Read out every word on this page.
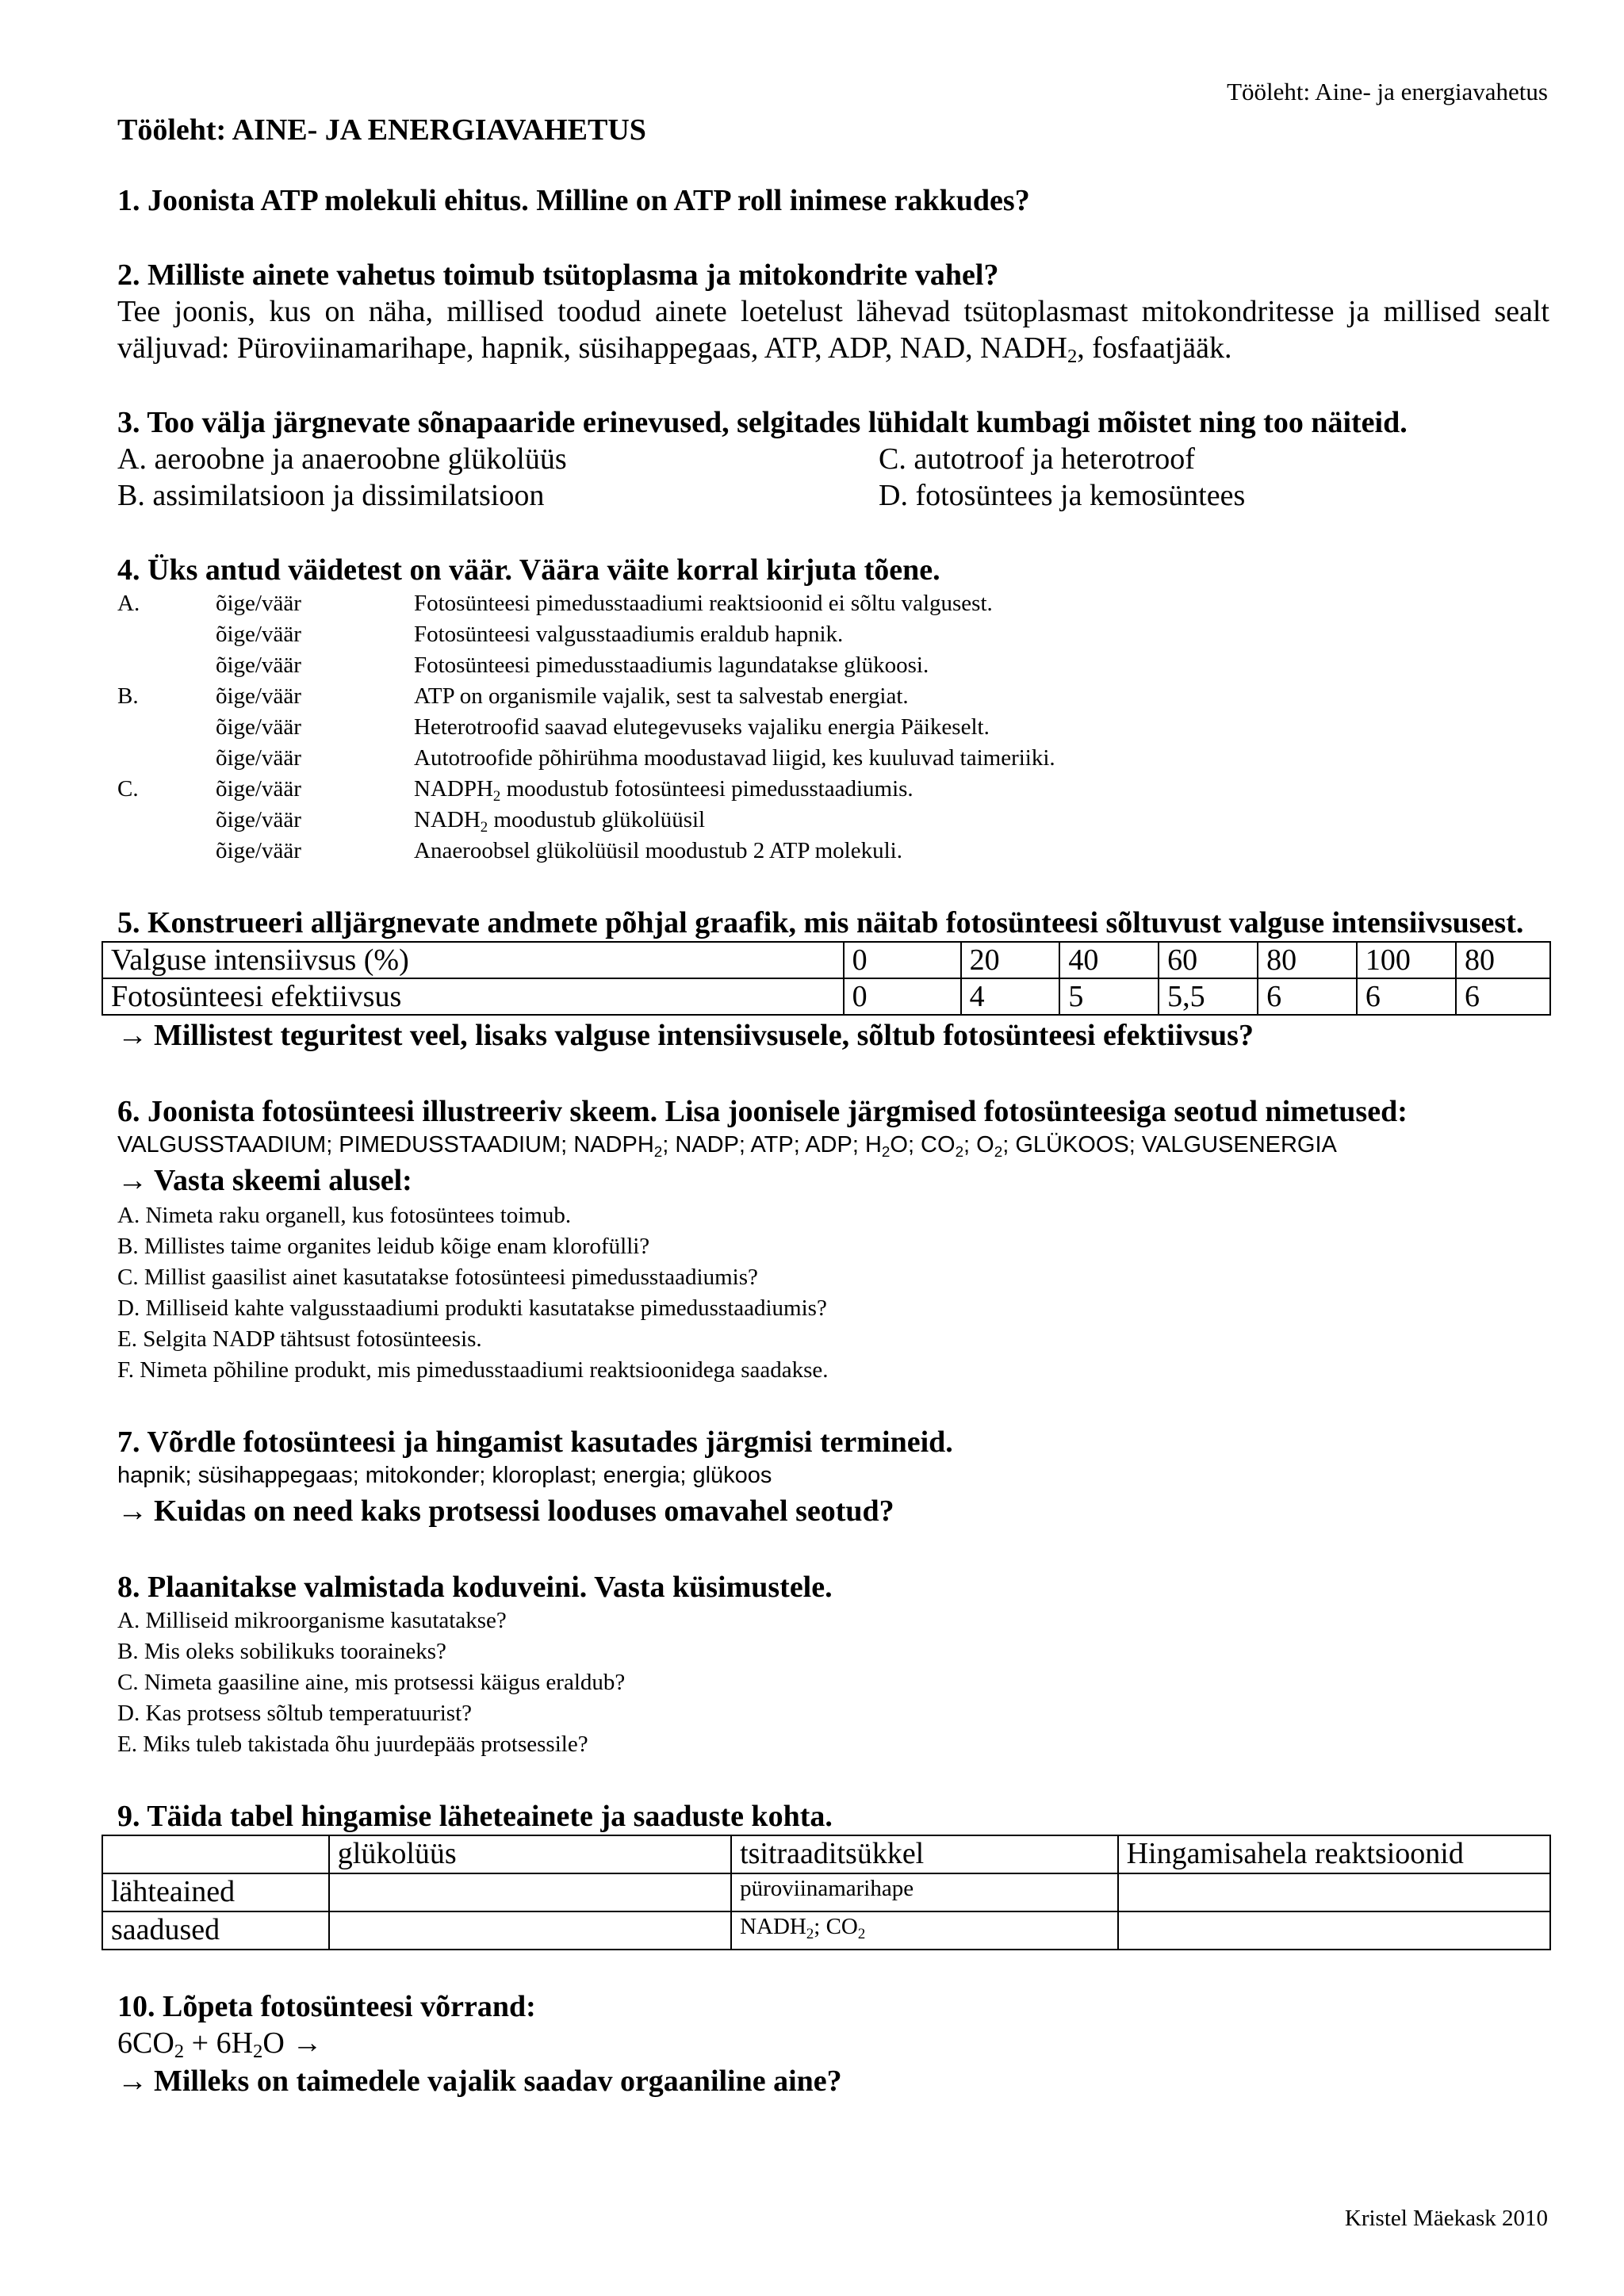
Tööleht: Aine- ja energiavahetus
Tööleht: AINE- JA ENERGIAVAHETUS
1. Joonista ATP molekuli ehitus. Milline on ATP roll inimese rakkudes?
2. Milliste ainete vahetus toimub tsütoplasma ja mitokondrite vahel?
Tee joonis, kus on näha, millised toodud ainete loetelust lähevad tsütoplasmast mitokondritesse ja millised sealt väljuvad: Püroviinamarihape, hapnik, süsihappegaas, ATP, ADP, NAD, $NADH_2$, fosfaatjääk.
3. Too välja järgnevate sõnapaaride erinevused, selgitades lühidalt kumbagi mõistet ning too näiteid.
A. aeroobne ja anaeroobne glükolüüs	C. autotroof ja heterotroof
B. assimilatsioon ja dissimilatsioon	D. fotosüntees ja kemosüntees
4. Üks antud väidetest on väär. Väära väite korral kirjuta tõene.
A.	õige/väär	Fotosünteesi pimedusstaadiumi reaktsioonid ei sõltu valgusest.
õige/väär	Fotosünteesi valgusstaadiumis eraldub hapnik.
õige/väär	Fotosünteesi pimedusstaadiumis lagundatakse glükoosi.
B.	õige/väär	ATP on organismile vajalik, sest ta salvestab energiat.
õige/väär	Heterotroofid saavad elutegevuseks vajaliku energia Päikeselt.
õige/väär	Autotroofide põhirühma moodustavad liigid, kes kuuluvad taimeriiki.
C.	õige/väär	$NADPH_2$ moodustub fotosünteesi pimedusstaadiumis.
õige/väär	$NADH_2$ moodustub glükolüüsil
õige/väär	Anaeroobsel glükolüüsil moodustub 2 ATP molekuli.
5. Konstrueeri alljärgnevate andmete põhjal graafik, mis näitab fotosünteesi sõltuvust valguse intensiivsusest.
Valguse intensiivsus (%)	0	20	40	60	80	100	80
Fotosünteesi efektiivsus	0	4	5	5,5	6	6	6
→ Millistest teguritest veel, lisaks valguse intensiivsusele, sõltub fotosünteesi efektiivsus?
6. Joonista fotosünteesi illustreeriv skeem. Lisa joonisele järgmised fotosünteesiga seotud nimetused:
VALGUSSTAADIUM; PIMEDUSSTAADIUM; $NADPH_2$; NADP; ATP; ADP; $H_2O$; $CO_2$; $O_2$; GLÜKOOS; VALGUSENERGIA
→ Vasta skeemi alusel:
A. Nimeta raku organell, kus fotosüntees toimub.
B. Millistes taime organites leidub kõige enam klorofülli?
C. Millist gaasilist ainet kasutatakse fotosünteesi pimedusstaadiumis?
D. Milliseid kahte valgusstaadiumi produkti kasutatakse pimedusstaadiumis?
E. Selgita NADP tähtsust fotosünteesis.
F. Nimeta põhiline produkt, mis pimedusstaadiumi reaktsioonidega saadakse.
7. Võrdle fotosünteesi ja hingamist kasutades järgmisi termineid.
hapnik; süsihappegaas; mitokonder; kloroplast; energia; glükoos
→ Kuidas on need kaks protsessi looduses omavahel seotud?
8. Plaanitakse valmistada koduveini. Vasta küsimustele.
A. Milliseid mikroorganisme kasutatakse?
B. Mis oleks sobilikuks tooraineks?
C. Nimeta gaasiline aine, mis protsessi käigus eraldub?
D. Kas protsess sõltub temperatuurist?
E. Miks tuleb takistada õhu juurdepääs protsessile?
9. Täida tabel hingamise läheteainete ja saaduste kohta.
	glükolüüs	tsitraaditsükkel	Hingamisahela reaktsioonid
lähteained		püroviinamarihape	
saadused		$NADH_2$; $CO_2$	
10. Lõpeta fotosünteesi võrrand:
$6CO_2 + 6H_2O$ →
→ Milleks on taimedele vajalik saadav orgaaniline aine?
Kristel Mäekask 2010
